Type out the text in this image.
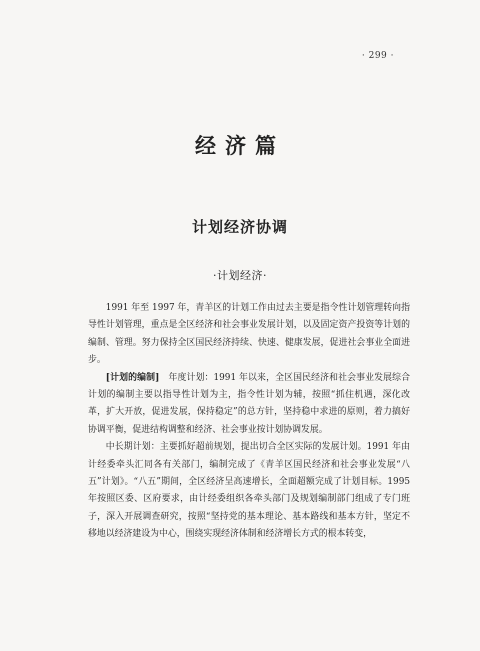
· 299 ·
经济篇
计划经济协调
·计划经济·

1991 年至 1997 年，青羊区的计划工作由过去主要是指令性计划管理转向指导性计划管理，重点是全区经济和社会事业发展计划，以及固定资产投资等计划的编制、管理。努力保持全区国民经济持续、快速、健康发展，促进社会事业全面进步。

[计划的编制]　年度计划：1991 年以来，全区国民经济和社会事业发展综合计划的编制主要以指导性计划为主，指令性计划为辅，按照“抓住机遇，深化改革，扩大开放，促进发展，保持稳定”的总方针，坚持稳中求进的原则，着力搞好协调平衡，促进结构调整和经济、社会事业按计划协调发展。

中长期计划：主要抓好超前规划，提出切合全区实际的发展计划。1991 年由计经委牵头汇同各有关部门，编制完成了《青羊区国民经济和社会事业发展“八五”计划》。“八五”期间，全区经济呈高速增长，全面超额完成了计划目标。1995 年按照区委、区府要求，由计经委组织各牵头部门及规划编制部门组成了专门班子，深入开展调查研究，按照“坚持党的基本理论、基本路线和基本方针，坚定不移地以经济建设为中心，围绕实现经济体制和经济增长方式的根本转变，
